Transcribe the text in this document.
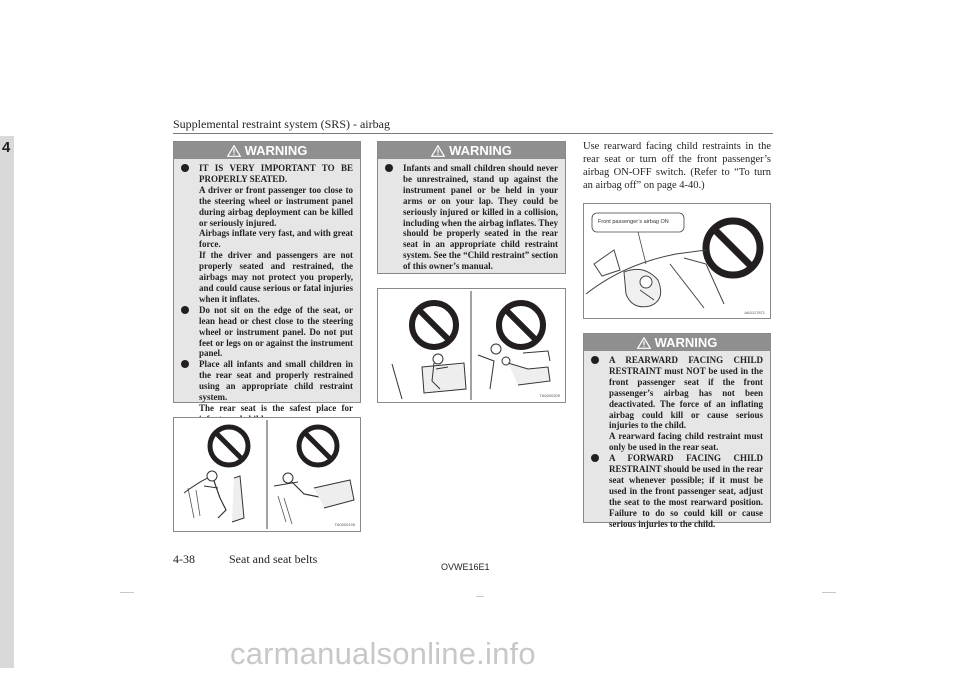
Supplemental restraint system (SRS) - airbag
4	WARNING
IT IS VERY IMPORTANT TO BE PROPERLY SEATED.
A driver or front passenger too close to the steering wheel or instrument panel during airbag deployment can be killed or seriously injured.
Airbags inflate very fast, and with great force.
If the driver and passengers are not properly seated and restrained, the airbags may not protect you properly, and could cause serious or fatal injuries when it inflates.
Do not sit on the edge of the seat, or lean head or chest close to the steering wheel or instrument panel. Do not put feet or legs on or against the instrument panel.
Place all infants and small children in the rear seat and properly restrained using an appropriate child restraint system.
The rear seat is the safest place for
TA0000195
WARNING
Infants and small children should never be unrestrained, stand up against the instrument panel or be held in your arms or on your lap. They could be seriously injured or killed in a collision, including when the airbag inflates. They should be properly seated in the rear seat in an appropriate child restraint system. See the “Child restraint” section of this owner’s manual.
TA0000209
Use rearward facing child restraints in the rear seat or turn off the front passenger’s airbag ON-OFF switch. (Refer to “To turn an airbag off” on page 4-40.)
AA0117871
Front passenger’s airbag ON
WARNING
A REARWARD FACING CHILD RESTRAINT must NOT be used in the front passenger seat if the front passenger’s airbag has not been deactivated. The force of an inflating airbag could kill or cause serious injuries to the child.
A rearward facing child restraint must only be used in the rear seat.
A FORWARD FACING CHILD RESTRAINT should be used in the rear seat whenever possible; if it must be used in the front passenger seat, adjust the seat to the most rearward position. Failure to do so could kill or cause serious injuries to the child.
4-38	Seat and seat belts
OVWE16E1
carmanualsonline.info
